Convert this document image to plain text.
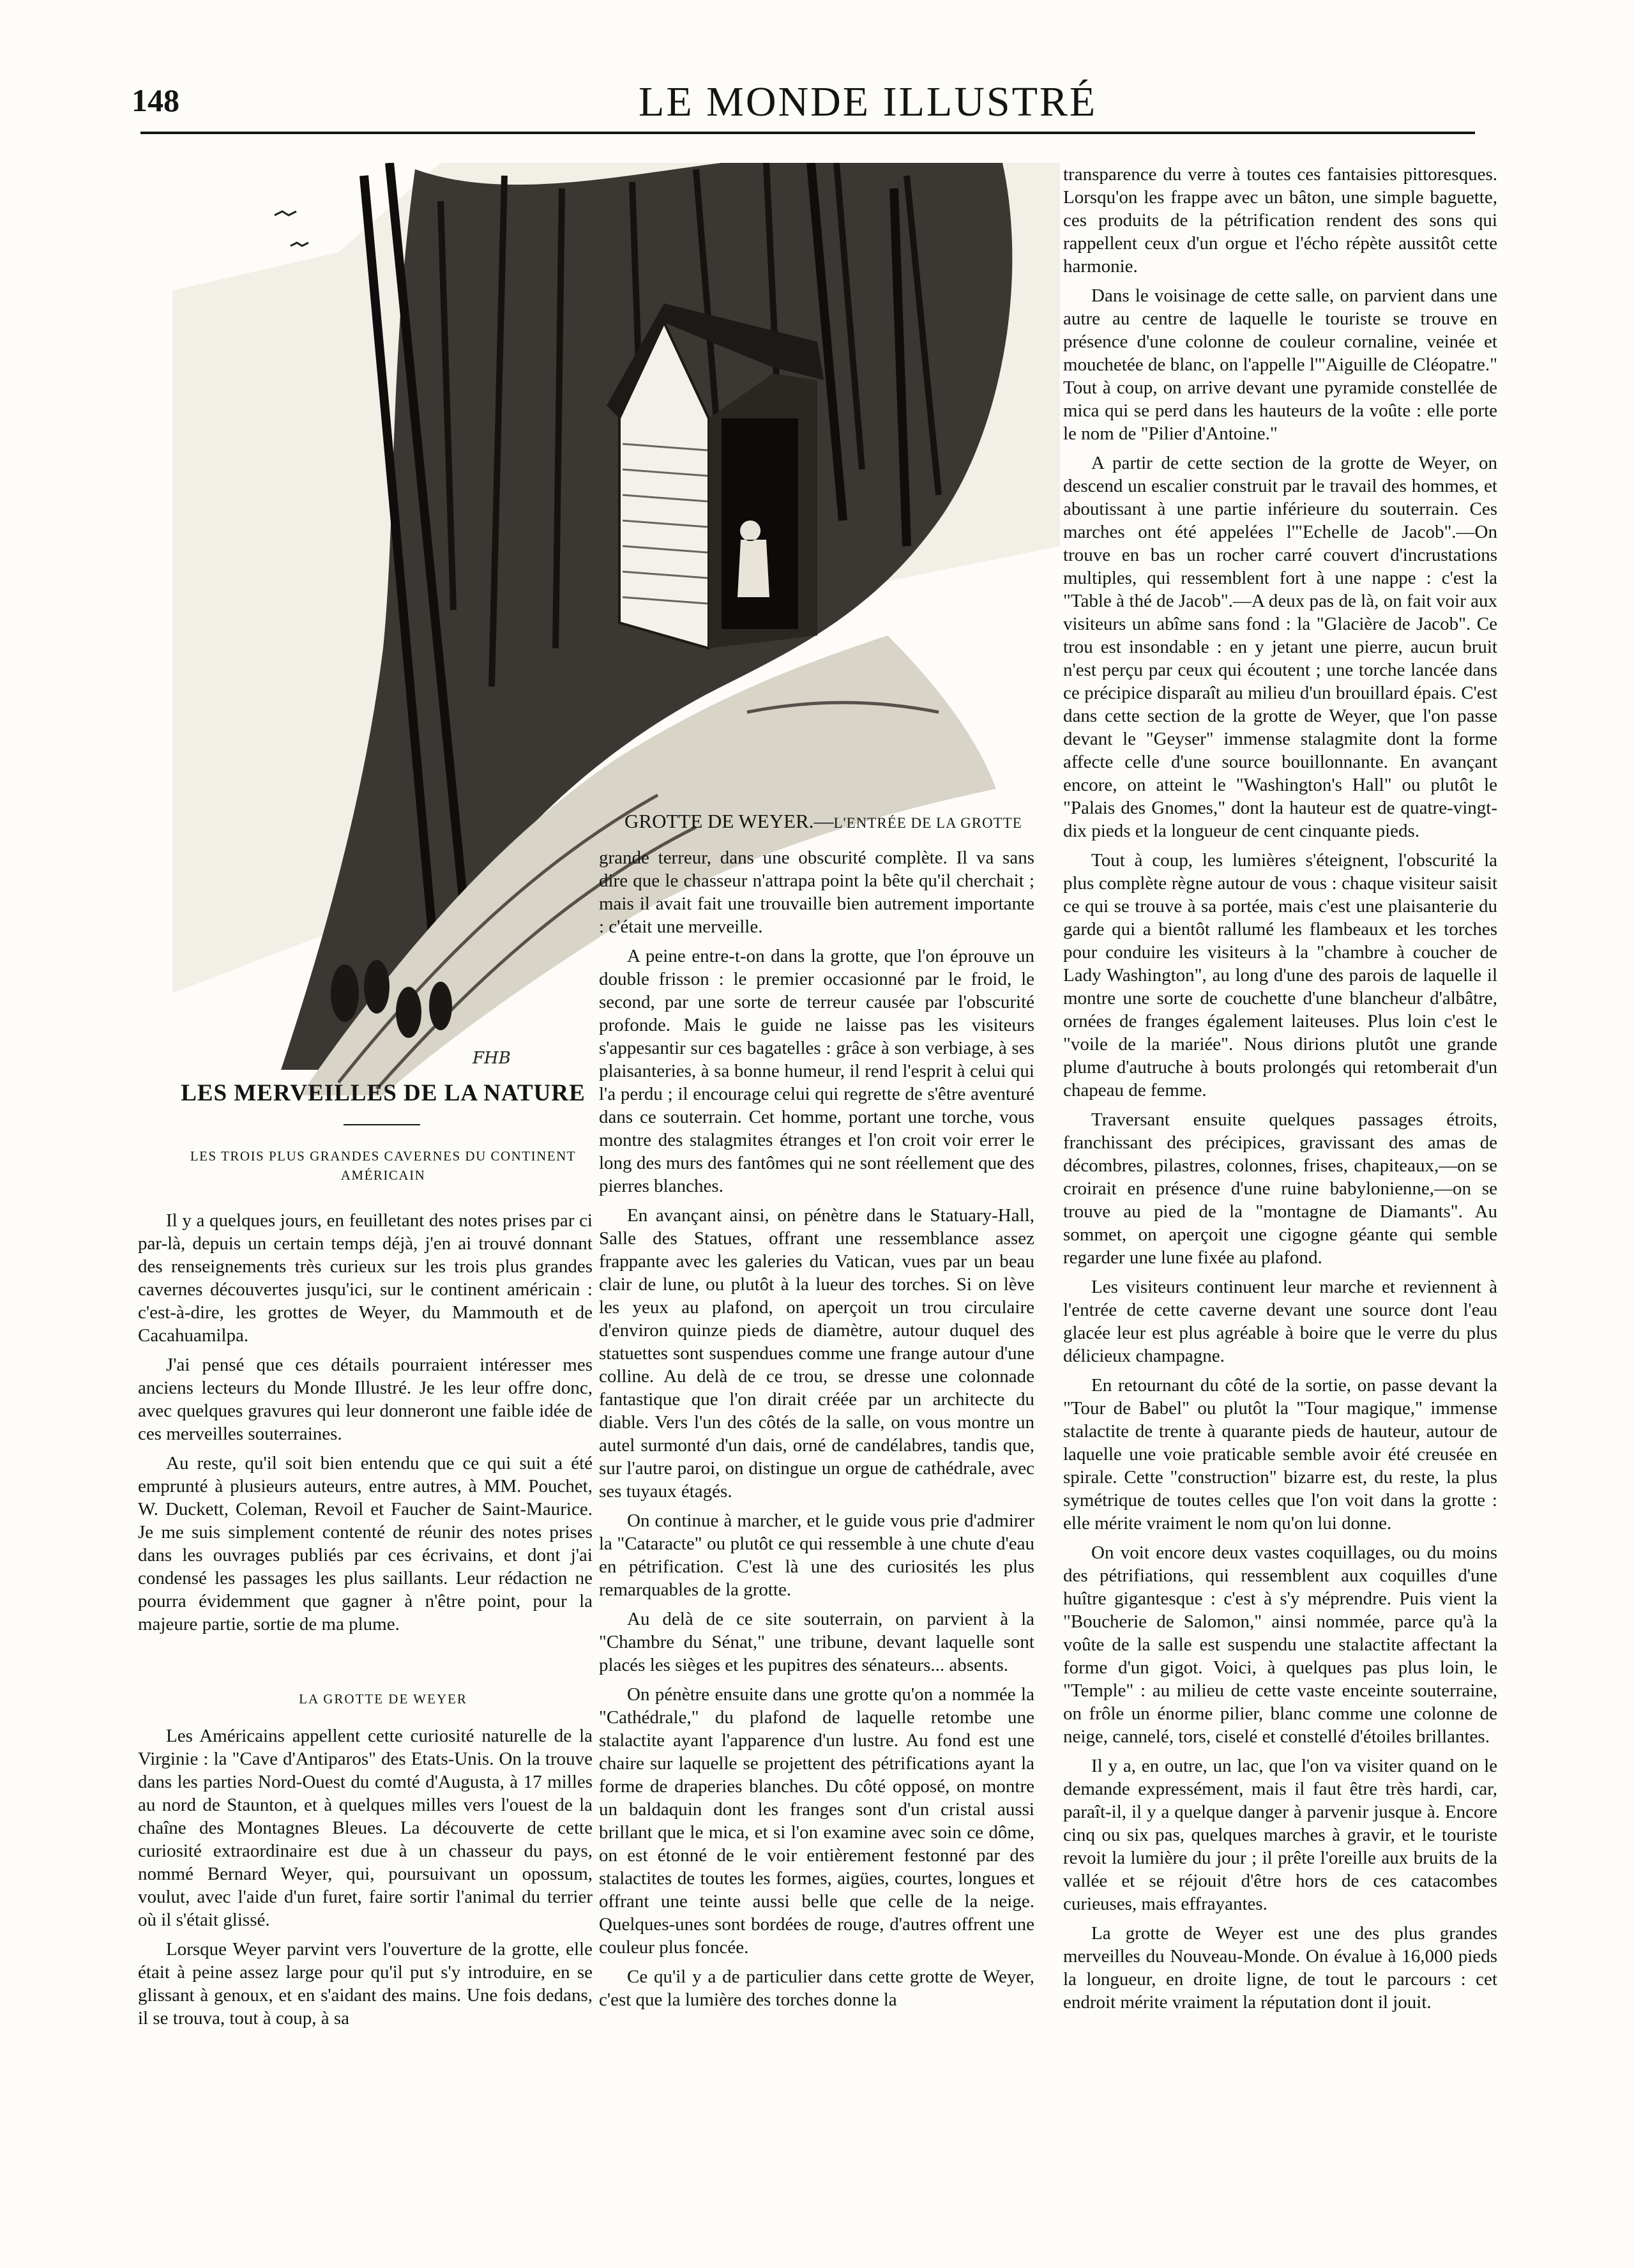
148	LE MONDE ILLUSTRÉ
FHB
GROTTE DE WEYER.—L'ENTRÉE DE LA GROTTE
LES MERVEILLES DE LA NATURE
LES TROIS PLUS GRANDES CAVERNES DU CONTINENT AMÉRICAIN

Il y a quelques jours, en feuilletant des notes prises par ci par-là, depuis un certain temps déjà, j'en ai trouvé donnant des renseignements très curieux sur les trois plus grandes cavernes découvertes jusqu'ici, sur le continent américain : c'est-à-dire, les grottes de Weyer, du Mammouth et de Cacahuamilpa.

J'ai pensé que ces détails pourraient intéresser mes anciens lecteurs du Monde Illustré. Je les leur offre donc, avec quelques gravures qui leur donneront une faible idée de ces merveilles souterraines.

Au reste, qu'il soit bien entendu que ce qui suit a été emprunté à plusieurs auteurs, entre autres, à MM. Pouchet, W. Duckett, Coleman, Revoil et Faucher de Saint-Maurice. Je me suis simplement contenté de réunir des notes prises dans les ouvrages publiés par ces écrivains, et dont j'ai condensé les passages les plus saillants. Leur rédaction ne pourra évidemment que gagner à n'être point, pour la majeure partie, sortie de ma plume.

LA GROTTE DE WEYER

Les Américains appellent cette curiosité naturelle de la Virginie : la "Cave d'Antiparos" des Etats-Unis. On la trouve dans les parties Nord-Ouest du comté d'Augusta, à 17 milles au nord de Staunton, et à quelques milles vers l'ouest de la chaîne des Montagnes Bleues. La découverte de cette curiosité extraordinaire est due à un chasseur du pays, nommé Bernard Weyer, qui, poursuivant un opossum, voulut, avec l'aide d'un furet, faire sortir l'animal du terrier où il s'était glissé.

Lorsque Weyer parvint vers l'ouverture de la grotte, elle était à peine assez large pour qu'il put s'y introduire, en se glissant à genoux, et en s'aidant des mains. Une fois dedans, il se trouva, tout à coup, à sa

grande terreur, dans une obscurité complète. Il va sans dire que le chasseur n'attrapa point la bête qu'il cherchait ; mais il avait fait une trouvaille bien autrement importante : c'était une merveille.

A peine entre-t-on dans la grotte, que l'on éprouve un double frisson : le premier occasionné par le froid, le second, par une sorte de terreur causée par l'obscurité profonde. Mais le guide ne laisse pas les visiteurs s'appesantir sur ces bagatelles : grâce à son verbiage, à ses plaisanteries, à sa bonne humeur, il rend l'esprit à celui qui l'a perdu ; il encourage celui qui regrette de s'être aventuré dans ce souterrain. Cet homme, portant une torche, vous montre des stalagmites étranges et l'on croit voir errer le long des murs des fantômes qui ne sont réellement que des pierres blanches.

En avançant ainsi, on pénètre dans le Statuary-Hall, Salle des Statues, offrant une ressemblance assez frappante avec les galeries du Vatican, vues par un beau clair de lune, ou plutôt à la lueur des torches. Si on lève les yeux au plafond, on aperçoit un trou circulaire d'environ quinze pieds de diamètre, autour duquel des statuettes sont suspendues comme une frange autour d'une colline. Au delà de ce trou, se dresse une colonnade fantastique que l'on dirait créée par un architecte du diable. Vers l'un des côtés de la salle, on vous montre un autel surmonté d'un dais, orné de candélabres, tandis que, sur l'autre paroi, on distingue un orgue de cathédrale, avec ses tuyaux étagés.

On continue à marcher, et le guide vous prie d'admirer la "Cataracte" ou plutôt ce qui ressemble à une chute d'eau en pétrification. C'est là une des curiosités les plus remarquables de la grotte.

Au delà de ce site souterrain, on parvient à la "Chambre du Sénat," une tribune, devant laquelle sont placés les sièges et les pupitres des sénateurs... absents.

On pénètre ensuite dans une grotte qu'on a nommée la "Cathédrale," du plafond de laquelle retombe une stalactite ayant l'apparence d'un lustre. Au fond est une chaire sur laquelle se projettent des pétrifications ayant la forme de draperies blanches. Du côté opposé, on montre un baldaquin dont les franges sont d'un cristal aussi brillant que le mica, et si l'on examine avec soin ce dôme, on est étonné de le voir entièrement festonné par des stalactites de toutes les formes, aigües, courtes, longues et offrant une teinte aussi belle que celle de la neige. Quelques-unes sont bordées de rouge, d'autres offrent une couleur plus foncée.

Ce qu'il y a de particulier dans cette grotte de Weyer, c'est que la lumière des torches donne la

transparence du verre à toutes ces fantaisies pittoresques. Lorsqu'on les frappe avec un bâton, une simple baguette, ces produits de la pétrification rendent des sons qui rappellent ceux d'un orgue et l'écho répète aussitôt cette harmonie.

Dans le voisinage de cette salle, on parvient dans une autre au centre de laquelle le touriste se trouve en présence d'une colonne de couleur cornaline, veinée et mouchetée de blanc, on l'appelle l'"Aiguille de Cléopatre." Tout à coup, on arrive devant une pyramide constellée de mica qui se perd dans les hauteurs de la voûte : elle porte le nom de "Pilier d'Antoine."

A partir de cette section de la grotte de Weyer, on descend un escalier construit par le travail des hommes, et aboutissant à une partie inférieure du souterrain. Ces marches ont été appelées l'"Echelle de Jacob".—On trouve en bas un rocher carré couvert d'incrustations multiples, qui ressemblent fort à une nappe : c'est la "Table à thé de Jacob".—A deux pas de là, on fait voir aux visiteurs un abîme sans fond : la "Glacière de Jacob". Ce trou est insondable : en y jetant une pierre, aucun bruit n'est perçu par ceux qui écoutent ; une torche lancée dans ce précipice disparaît au milieu d'un brouillard épais. C'est dans cette section de la grotte de Weyer, que l'on passe devant le "Geyser" immense stalagmite dont la forme affecte celle d'une source bouillonnante. En avançant encore, on atteint le "Washington's Hall" ou plutôt le "Palais des Gnomes," dont la hauteur est de quatre-vingt-dix pieds et la longueur de cent cinquante pieds.

Tout à coup, les lumières s'éteignent, l'obscurité la plus complète règne autour de vous : chaque visiteur saisit ce qui se trouve à sa portée, mais c'est une plaisanterie du garde qui a bientôt rallumé les flambeaux et les torches pour conduire les visiteurs à la "chambre à coucher de Lady Washington", au long d'une des parois de laquelle il montre une sorte de couchette d'une blancheur d'albâtre, ornées de franges également laiteuses. Plus loin c'est le "voile de la mariée". Nous dirions plutôt une grande plume d'autruche à bouts prolongés qui retomberait d'un chapeau de femme.

Traversant ensuite quelques passages étroits, franchissant des précipices, gravissant des amas de décombres, pilastres, colonnes, frises, chapiteaux,—on se croirait en présence d'une ruine babylonienne,—on se trouve au pied de la "montagne de Diamants". Au sommet, on aperçoit une cigogne géante qui semble regarder une lune fixée au plafond.

Les visiteurs continuent leur marche et reviennent à l'entrée de cette caverne devant une source dont l'eau glacée leur est plus agréable à boire que le verre du plus délicieux champagne.

En retournant du côté de la sortie, on passe devant la "Tour de Babel" ou plutôt la "Tour magique," immense stalactite de trente à quarante pieds de hauteur, autour de laquelle une voie praticable semble avoir été creusée en spirale. Cette "construction" bizarre est, du reste, la plus symétrique de toutes celles que l'on voit dans la grotte : elle mérite vraiment le nom qu'on lui donne.

On voit encore deux vastes coquillages, ou du moins des pétrifiations, qui ressemblent aux coquilles d'une huître gigantesque : c'est à s'y méprendre. Puis vient la "Boucherie de Salomon," ainsi nommée, parce qu'à la voûte de la salle est suspendu une stalactite affectant la forme d'un gigot. Voici, à quelques pas plus loin, le "Temple" : au milieu de cette vaste enceinte souterraine, on frôle un énorme pilier, blanc comme une colonne de neige, cannelé, tors, ciselé et constellé d'étoiles brillantes.

Il y a, en outre, un lac, que l'on va visiter quand on le demande expressément, mais il faut être très hardi, car, paraît-il, il y a quelque danger à parvenir jusque à. Encore cinq ou six pas, quelques marches à gravir, et le touriste revoit la lumière du jour ; il prête l'oreille aux bruits de la vallée et se réjouit d'être hors de ces catacombes curieuses, mais effrayantes.

La grotte de Weyer est une des plus grandes merveilles du Nouveau-Monde. On évalue à 16,000 pieds la longueur, en droite ligne, de tout le parcours : cet endroit mérite vraiment la réputation dont il jouit.
